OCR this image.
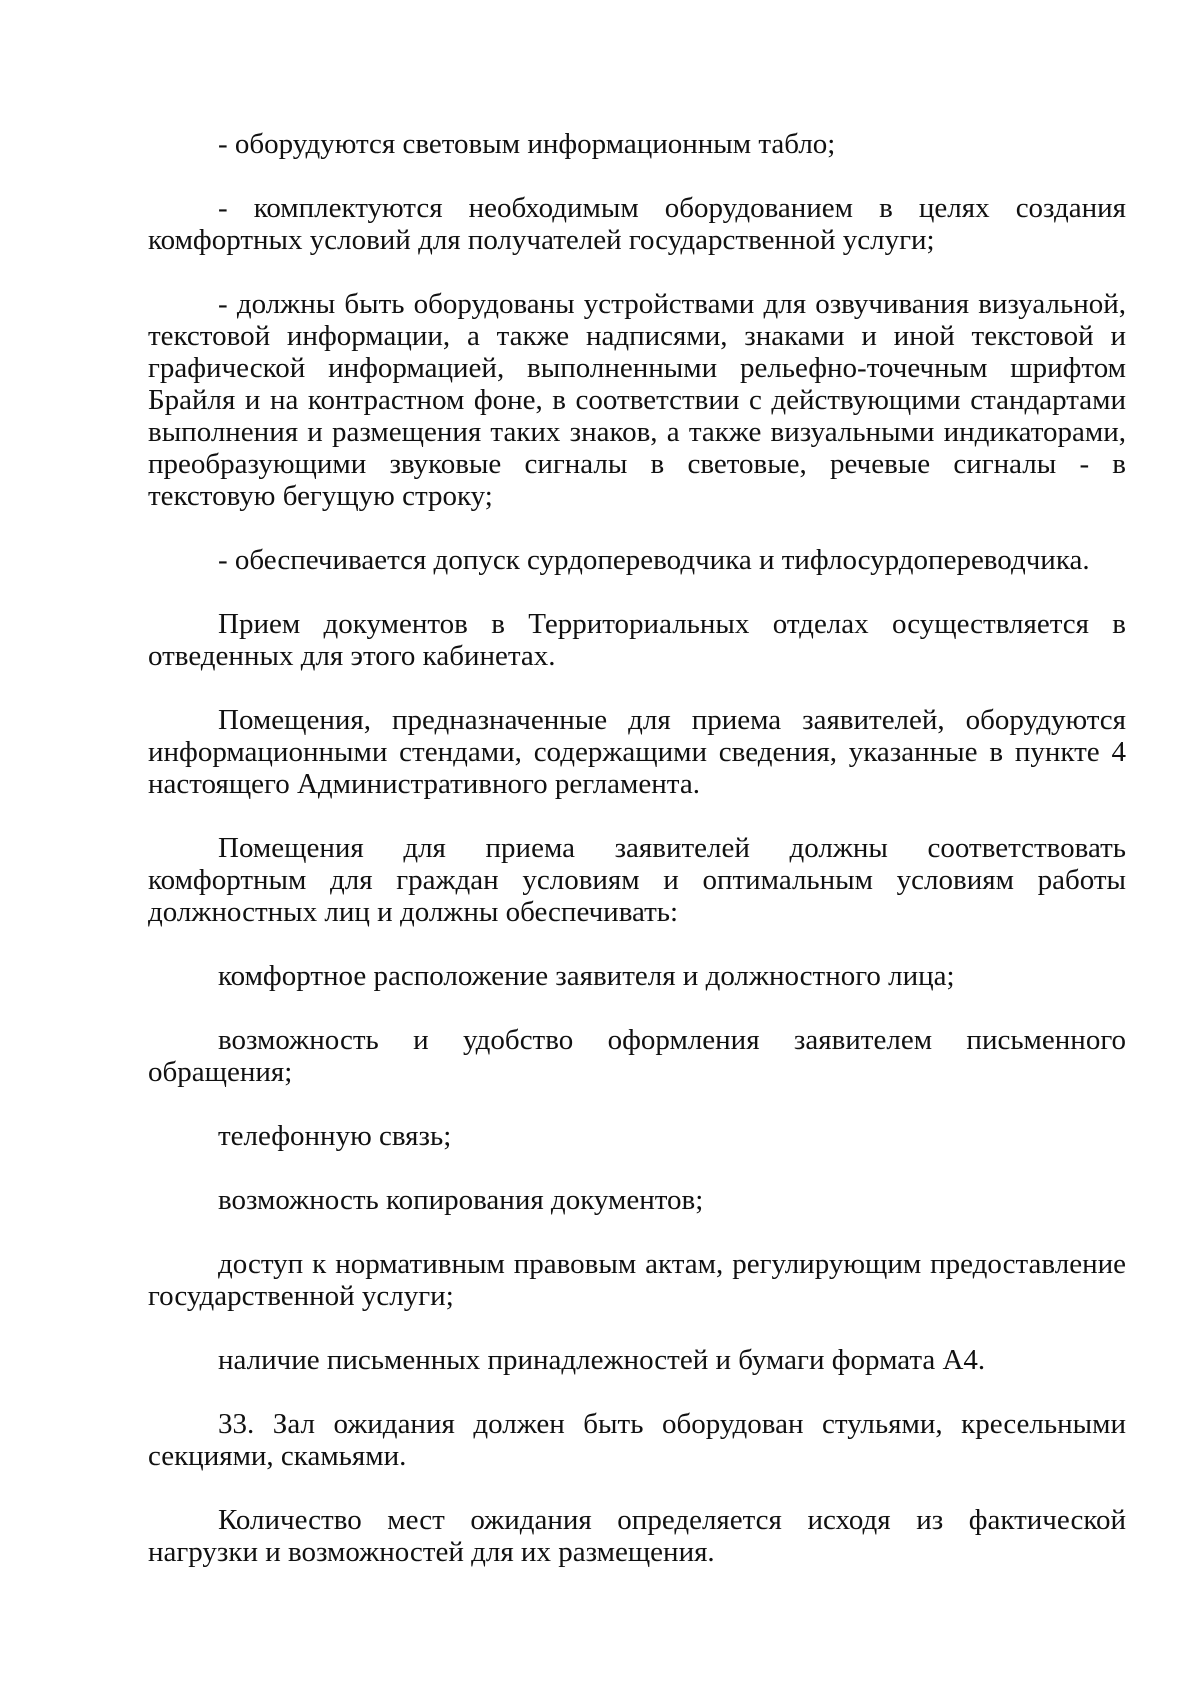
- оборудуются световым информационным табло;

- комплектуются необходимым оборудованием в целях создания комфортных условий для получателей государственной услуги;

- должны быть оборудованы устройствами для озвучивания визуальной, текстовой информации, а также надписями, знаками и иной текстовой и графической информацией, выполненными рельефно-точечным шрифтом Брайля и на контрастном фоне, в соответствии с действующими стандартами выполнения и размещения таких знаков, а также визуальными индикаторами, преобразующими звуковые сигналы в световые, речевые сигналы - в текстовую бегущую строку;

- обеспечивается допуск сурдопереводчика и тифлосурдопереводчика.

Прием документов в Территориальных отделах осуществляется в отведенных для этого кабинетах.

Помещения, предназначенные для приема заявителей, оборудуются информационными стендами, содержащими сведения, указанные в пункте 4 настоящего Административного регламента.

Помещения для приема заявителей должны соответствовать комфортным для граждан условиям и оптимальным условиям работы должностных лиц и должны обеспечивать:

комфортное расположение заявителя и должностного лица;

возможность и удобство оформления заявителем письменного обращения;

телефонную связь;

возможность копирования документов;

доступ к нормативным правовым актам, регулирующим предоставление государственной услуги;

наличие письменных принадлежностей и бумаги формата А4.

33. Зал ожидания должен быть оборудован стульями, кресельными секциями, скамьями.

Количество мест ожидания определяется исходя из фактической нагрузки и возможностей для их размещения.
